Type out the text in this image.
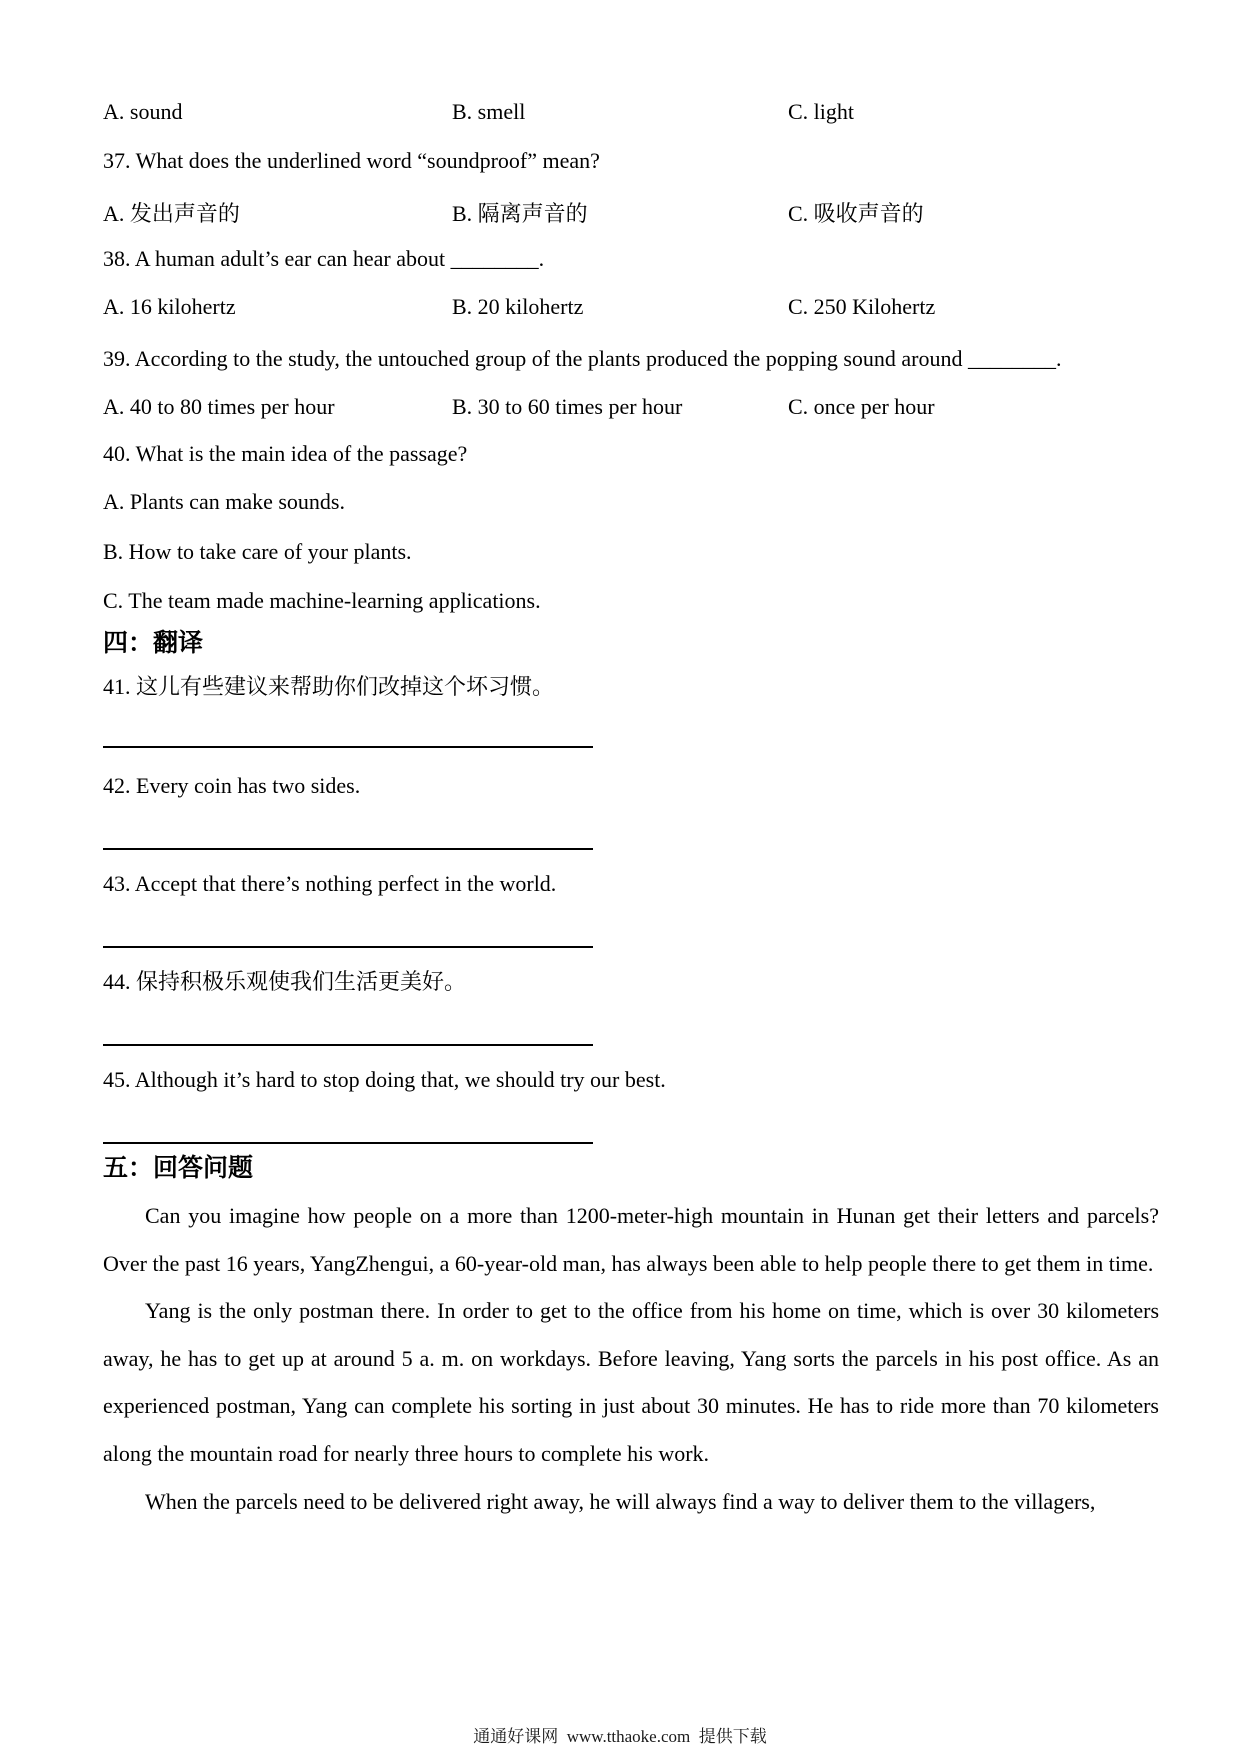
A. sound	B. smell	C. light
37. What does the underlined word “soundproof” mean?
A. 发出声音的	B. 隔离声音的	C. 吸收声音的
38. A human adult’s ear can hear about ________.
A. 16 kilohertz	B. 20 kilohertz	C. 250 Kilohertz
39. According to the study, the untouched group of the plants produced the popping sound around ________.
A. 40 to 80 times per hour	B. 30 to 60 times per hour	C. once per hour
40. What is the main idea of the passage?
A. Plants can make sounds.
B. How to take care of your plants.
C. The team made machine-learning applications.
四：翻译
41. 这儿有些建议来帮助你们改掉这个坏习惯。
42. Every coin has two sides.
43. Accept that there’s nothing perfect in the world.
44. 保持积极乐观使我们生活更美好。
45. Although it’s hard to stop doing that, we should try our best.
五：回答问题

Can you imagine how people on a more than 1200-meter-high mountain in Hunan get their letters and parcels? Over the past 16 years, YangZhengui, a 60-year-old man, has always been able to help people there to get them in time.

Yang is the only postman there. In order to get to the office from his home on time, which is over 30 kilometers away, he has to get up at around 5 a. m. on workdays. Before leaving, Yang sorts the parcels in his post office. As an experienced postman, Yang can complete his sorting in just about 30 minutes. He has to ride more than 70 kilometers along the mountain road for nearly three hours to complete his work.

When the parcels need to be delivered right away, he will always find a way to deliver them to the villagers,

通通好课网  www.tthaoke.com  提供下载
